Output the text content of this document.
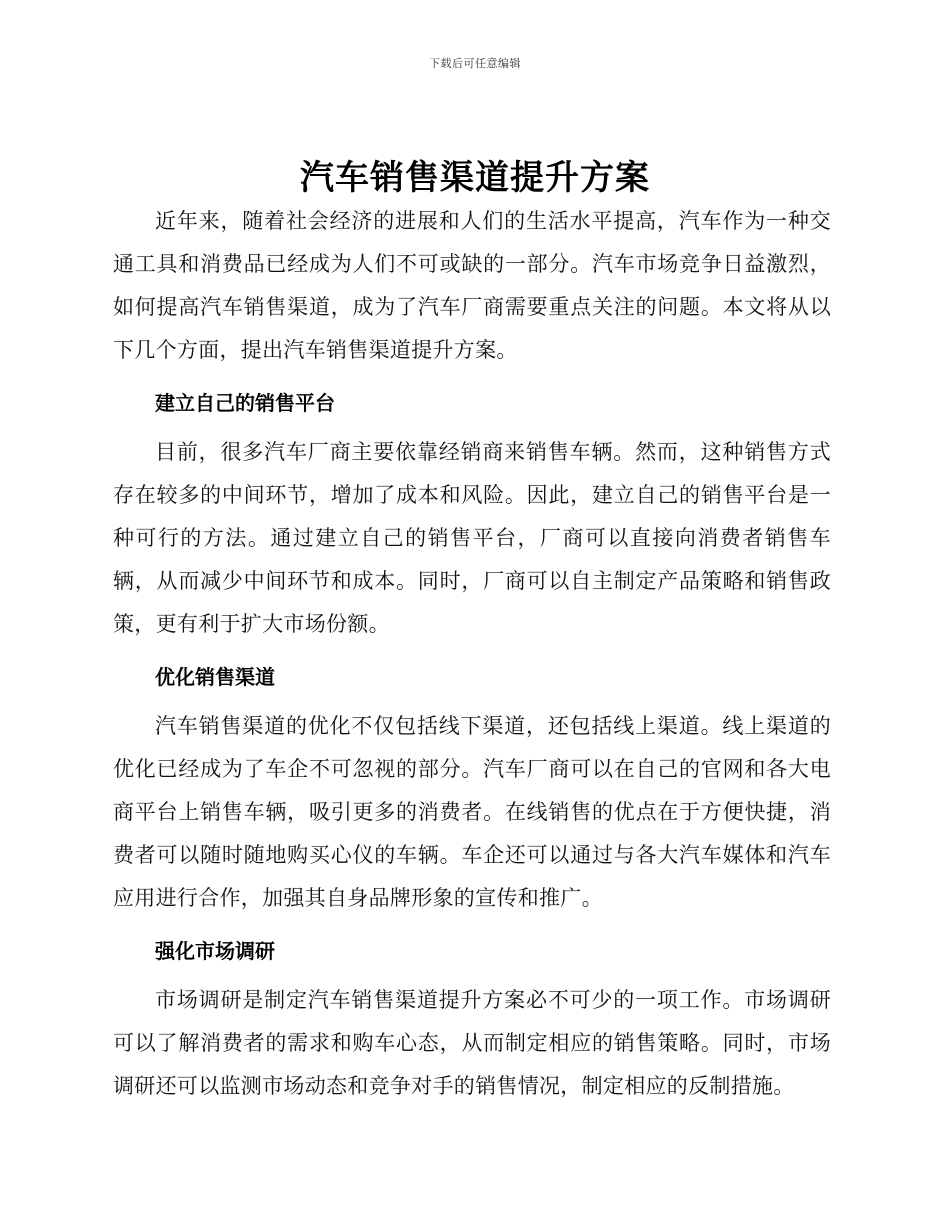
下载后可任意编辑
汽车销售渠道提升方案

近年来，随着社会经济的进展和人们的生活水平提高，汽车作为一种交通工具和消费品已经成为人们不可或缺的一部分。汽车市场竞争日益激烈，如何提高汽车销售渠道，成为了汽车厂商需要重点关注的问题。本文将从以下几个方面，提出汽车销售渠道提升方案。

建立自己的销售平台

目前，很多汽车厂商主要依靠经销商来销售车辆。然而，这种销售方式存在较多的中间环节，增加了成本和风险。因此，建立自己的销售平台是一种可行的方法。通过建立自己的销售平台，厂商可以直接向消费者销售车辆，从而减少中间环节和成本。同时，厂商可以自主制定产品策略和销售政策，更有利于扩大市场份额。

优化销售渠道

汽车销售渠道的优化不仅包括线下渠道，还包括线上渠道。线上渠道的优化已经成为了车企不可忽视的部分。汽车厂商可以在自己的官网和各大电商平台上销售车辆，吸引更多的消费者。在线销售的优点在于方便快捷，消费者可以随时随地购买心仪的车辆。车企还可以通过与各大汽车媒体和汽车应用进行合作，加强其自身品牌形象的宣传和推广。

强化市场调研

市场调研是制定汽车销售渠道提升方案必不可少的一项工作。市场调研可以了解消费者的需求和购车心态，从而制定相应的销售策略。同时，市场调研还可以监测市场动态和竞争对手的销售情况，制定相应的反制措施。
